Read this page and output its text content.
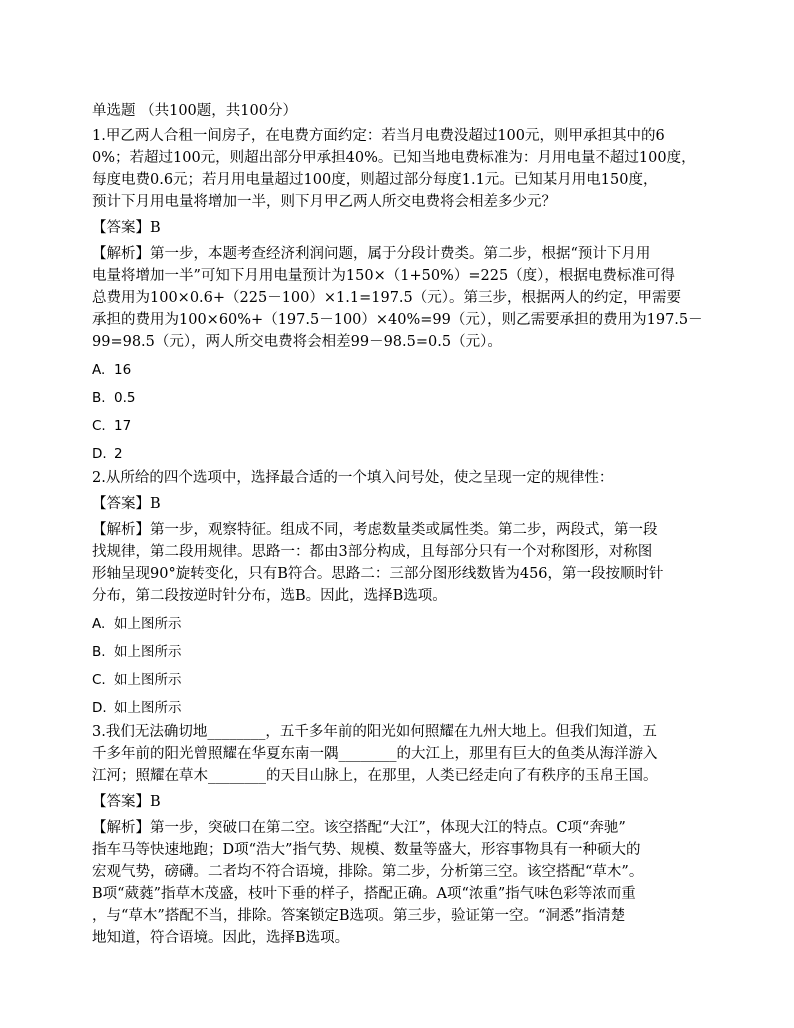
单选题 （共100题，共100分）
1.甲乙两人合租一间房子，在电费方面约定：若当月电费没超过100元，则甲承担其中的6
0%；若超过100元，则超出部分甲承担40%。已知当地电费标准为：月用电量不超过100度，
每度电费0.6元；若月用电量超过100度，则超过部分每度1.1元。已知某月用电150度，
预计下月用电量将增加一半，则下月甲乙两人所交电费将会相差多少元？
【答案】B
【解析】第一步，本题考查经济利润问题，属于分段计费类。第二步，根据“预计下月用
电量将增加一半”可知下月用电量预计为150×（1+50%）=225（度），根据电费标准可得
总费用为100×0.6+（225－100）×1.1=197.5（元）。第三步，根据两人的约定，甲需要
承担的费用为100×60%+（197.5－100）×40%=99（元），则乙需要承担的费用为197.5－
99=98.5（元），两人所交电费将会相差99－98.5=0.5（元）。
A. 16
B. 0.5
C. 17
D. 2
2.从所给的四个选项中，选择最合适的一个填入问号处，使之呈现一定的规律性：
【答案】B
【解析】第一步，观察特征。组成不同，考虑数量类或属性类。第二步，两段式，第一段
找规律，第二段用规律。思路一：都由3部分构成，且每部分只有一个对称图形，对称图
形轴呈现90°旋转变化，只有B符合。思路二：三部分图形线数皆为456，第一段按顺时针
分布，第二段按逆时针分布，选B。因此，选择B选项。
A. 如上图所示
B. 如上图所示
C. 如上图所示
D. 如上图所示
3.我们无法确切地________，五千多年前的阳光如何照耀在九州大地上。但我们知道，五
千多年前的阳光曾照耀在华夏东南一隅________的大江上，那里有巨大的鱼类从海洋游入
江河；照耀在草木________的天目山脉上，在那里，人类已经走向了有秩序的玉帛王国。
【答案】B
【解析】第一步，突破口在第二空。该空搭配“大江”，体现大江的特点。C项“奔驰”
指车马等快速地跑；D项“浩大”指气势、规模、数量等盛大，形容事物具有一种硕大的
宏观气势，磅礴。二者均不符合语境，排除。第二步，分析第三空。该空搭配“草木”。
B项“葳蕤”指草木茂盛，枝叶下垂的样子，搭配正确。A项“浓重”指气味色彩等浓而重
，与“草木”搭配不当，排除。答案锁定B选项。第三步，验证第一空。“洞悉”指清楚
地知道，符合语境。因此，选择B选项。
